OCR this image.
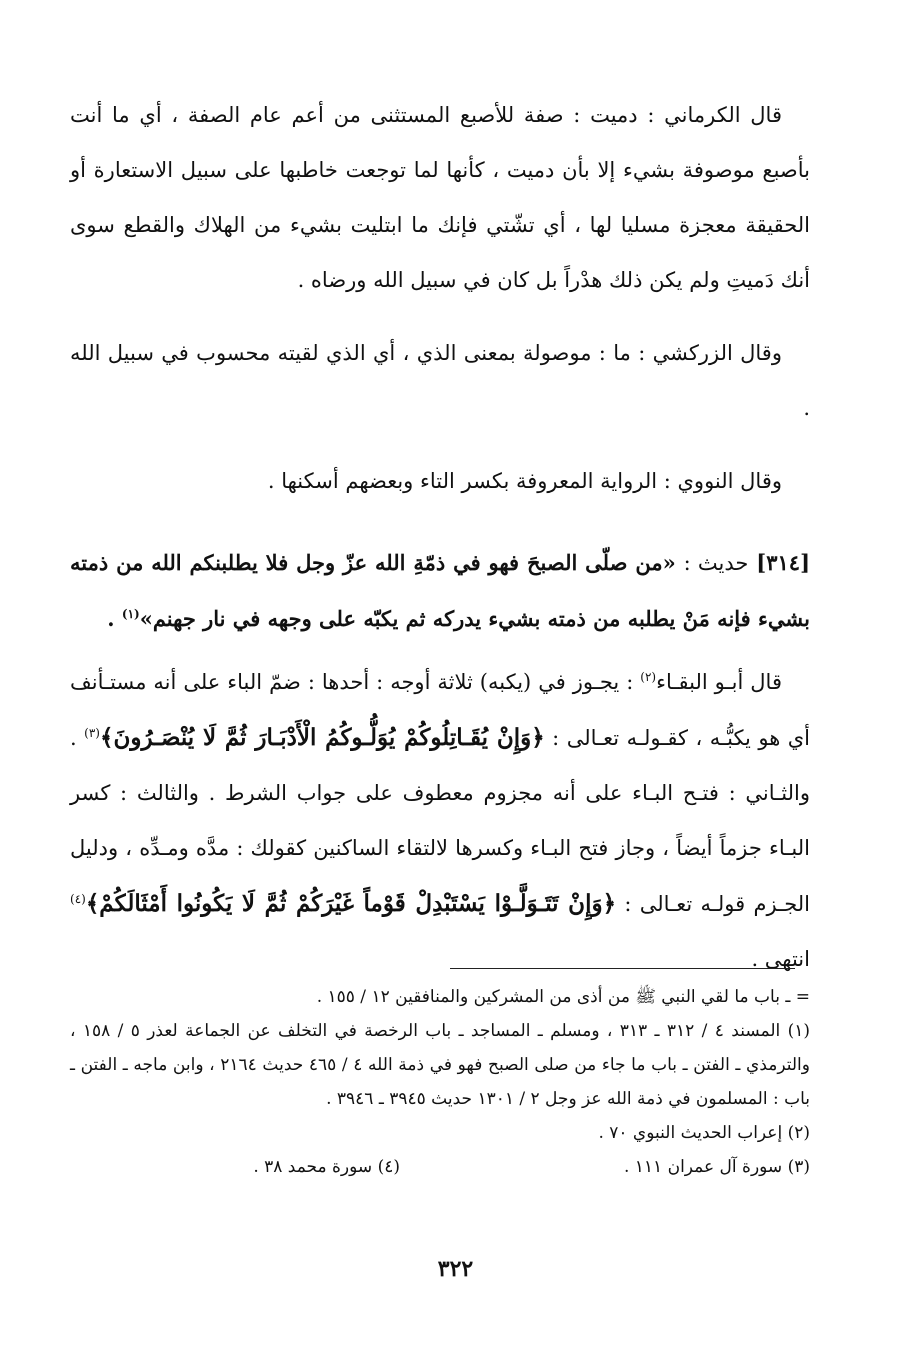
قال الكرماني : دميت : صفة للأصبع المستثنى من أعم عام الصفة ، أي ما أنت بأصبع موصوفة بشيء إلا بأن دميت ، كأنها لما توجعت خاطبها على سبيل الاستعارة أو الحقيقة معجزة مسليا لها ، أي تشّتي فإنك ما ابتليت بشيء من الهلاك والقطع سوى أنك دَميتِ ولم يكن ذلك هدْراً بل كان في سبيل الله ورضاه .

وقال الزركشي : ما : موصولة بمعنى الذي ، أي الذي لقيته محسوب في سبيل الله .

وقال النووي : الرواية المعروفة بكسر التاء وبعضهم أسكنها .

[٣١٤] حديث : «من صلّى الصبحَ فهو في ذمّةِ الله عزّ وجل فلا يطلبنكم الله من ذمته بشيء فإنه مَنْ يطلبه من ذمته بشيء يدركه ثم يكبّه على وجهه في نار جهنم»$^{(١)}$ .

قال أبـو البقـاء$^{(٢)}$ : يجـوز في (يكبه) ثلاثة أوجه : أحدها : ضمّ الباء على أنه مستـأنف أي هو يكبُّـه ، كقـولـه تعـالى : ﴿وَإِنْ يُقَـاتِلُوكُمْ يُوَلُّـوكُمُ الْأَدْبَـارَ ثُمَّ لَا يُنْصَـرُونَ﴾$^{(٣)}$ . والثـاني : فتـح البـاء على أنه مجزوم معطوف على جواب الشرط . والثالث : كسر البـاء جزماً أيضاً ، وجاز فتح البـاء وكسرها لالتقاء الساكنين كقولك : مدَّه ومـدِّه ، ودليل الجـزم قولـه تعـالى : ﴿وَإِنْ تَتَـوَلَّـوْا يَسْتَبْدِلْ قَوْماً غَيْرَكُمْ ثُمَّ لَا يَكُونُوا أَمْثَالَكُمْ﴾$^{(٤)}$ انتهى .

= ـ باب ما لقي النبي ﷺ من أذى من المشركين والمنافقين ١٢ / ١٥٥ .

(١) المسند ٤ / ٣١٢ ـ ٣١٣ ، ومسلم ـ المساجد ـ باب الرخصة في التخلف عن الجماعة لعذر ٥ / ١٥٨ ، والترمذي ـ الفتن ـ باب ما جاء من صلى الصبح فهو في ذمة الله ٤ / ٤٦٥ حديث ٢١٦٤ ، وابن ماجه ـ الفتن ـ باب : المسلمون في ذمة الله عز وجل ٢ / ١٣٠١ حديث ٣٩٤٥ ـ ٣٩٤٦ .

(٢) إعراب الحديث النبوي ٧٠ .

(٣) سورة آل عمران ١١١ .
(٤) سورة محمد ٣٨ .
٣٢٢
